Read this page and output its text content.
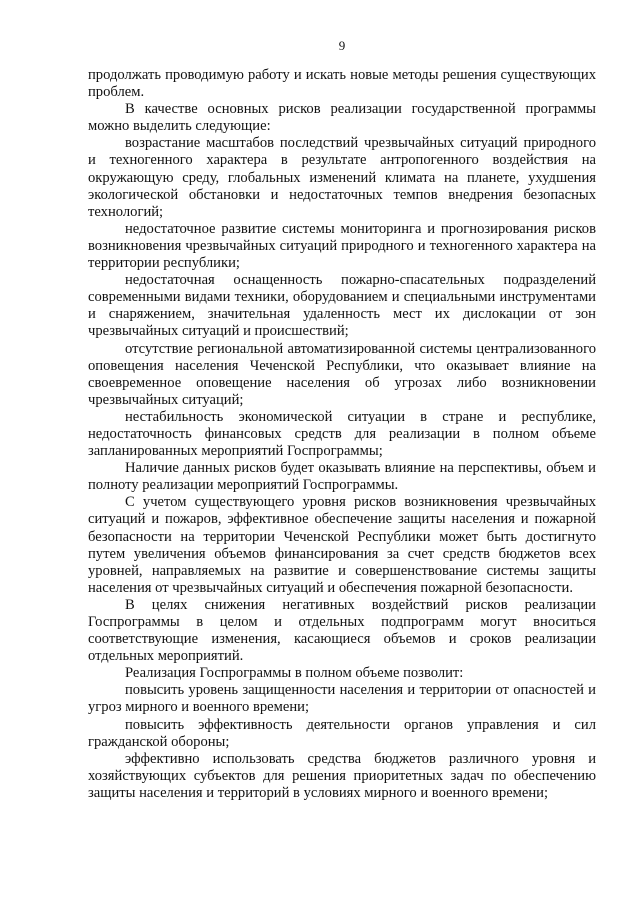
9

продолжать проводимую работу и искать новые методы решения существующих проблем.

В качестве основных рисков реализации государственной программы можно выделить следующие:

возрастание масштабов последствий чрезвычайных ситуаций природного и техногенного характера в результате антропогенного воздействия на окружающую среду, глобальных изменений климата на планете, ухудшения экологической обстановки и недостаточных темпов внедрения безопасных технологий;

недостаточное развитие системы мониторинга и прогнозирования рисков возникновения чрезвычайных ситуаций природного и техногенного характера на территории республики;

недостаточная оснащенность пожарно-спасательных подразделений современными видами техники, оборудованием и специальными инструментами и снаряжением, значительная удаленность мест их дислокации от зон чрезвычайных ситуаций и происшествий;

отсутствие региональной автоматизированной системы централизованного оповещения населения Чеченской Республики, что оказывает влияние на своевременное оповещение населения об угрозах либо возникновении чрезвычайных ситуаций;

нестабильность экономической ситуации в стране и республике, недостаточность финансовых средств для реализации в полном объеме запланированных мероприятий Госпрограммы;

Наличие данных рисков будет оказывать влияние на перспективы, объем и полноту реализации мероприятий Госпрограммы.

С учетом существующего уровня рисков возникновения чрезвычайных ситуаций и пожаров, эффективное обеспечение защиты населения и пожарной безопасности на территории Чеченской Республики может быть достигнуто путем увеличения объемов финансирования за счет средств бюджетов всех уровней, направляемых на развитие и совершенствование системы защиты населения от чрезвычайных ситуаций и обеспечения пожарной безопасности.

В целях снижения негативных воздействий рисков реализации Госпрограммы в целом и отдельных подпрограмм могут вноситься соответствующие изменения, касающиеся объемов и сроков реализации отдельных мероприятий.

Реализация Госпрограммы в полном объеме позволит:

повысить уровень защищенности населения и территории от опасностей и угроз мирного и военного времени;

повысить эффективность деятельности органов управления и сил гражданской обороны;

эффективно использовать средства бюджетов различного уровня и хозяйствующих субъектов для решения приоритетных задач по обеспечению защиты населения и территорий в условиях мирного и военного времени;
